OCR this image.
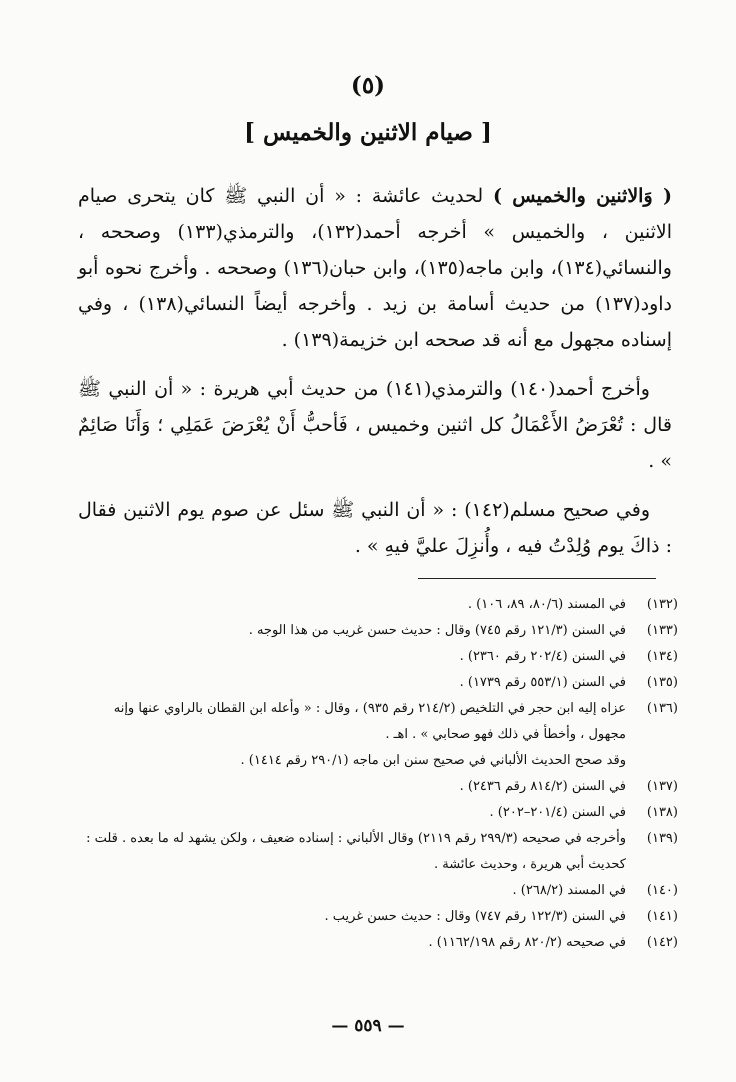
(٥)
[ صيام الاثنين والخميس ]

( وَالاثنين والخميس ) لحديث عائشة : « أن النبي ﷺ كان يتحرى صيام الاثنين ، والخميس » أخرجه أحمد(١٣٢)، والترمذي(١٣٣) وصححه ، والنسائي(١٣٤)، وابن ماجه(١٣٥)، وابن حبان(١٣٦) وصححه . وأخرج نحوه أبو داود(١٣٧) من حديث أسامة بن زيد . وأخرجه أيضاً النسائي(١٣٨) ، وفي إسناده مجهول مع أنه قد صححه ابن خزيمة(١٣٩) .

وأخرج أحمد(١٤٠) والترمذي(١٤١) من حديث أبي هريرة : « أن النبي ﷺ قال : تُعْرَضُ الأَعْمَالُ كل اثنين وخميس ، فَأحبُّ أَنْ يُعْرَضَ عَمَلِي ؛ وَأَنَا صَائِمٌ » .

وفي صحيح مسلم(١٤٢) : « أن النبي ﷺ سئل عن صوم يوم الاثنين فقال : ذاكَ يوم وُلِدْتُ فيه ، وأُنزِلَ عليَّ فيهِ » .

(١٣٢)
في المسند (٨٠/٦، ٨٩، ١٠٦) .
(١٣٣)
في السنن (١٢١/٣ رقم ٧٤٥) وقال : حديث حسن غريب من هذا الوجه .
(١٣٤)
في السنن (٢٠٢/٤ رقم ٢٣٦٠) .
(١٣٥)
في السنن (٥٥٣/١ رقم ١٧٣٩) .
(١٣٦)
عزاه إليه ابن حجر في التلخيص (٢١٤/٢ رقم ٩٣٥) ، وقال : « وأعله ابن القطان بالراوي عنها وإنه مجهول ، وأخطأ في ذلك فهو صحابي » . اهـ .
وقد صحح الحديث الألباني في صحيح سنن ابن ماجه (٢٩٠/١ رقم ١٤١٤) .
(١٣٧)
في السنن (٨١٤/٢ رقم ٢٤٣٦) .
(١٣٨)
في السنن (٢٠١/٤–٢٠٢) .
(١٣٩)
وأخرجه في صحيحه (٢٩٩/٣ رقم ٢١١٩) وقال الألباني : إسناده ضعيف ، ولكن يشهد له ما بعده . قلت : كحديث أبي هريرة ، وحديث عائشة .
(١٤٠)
في المسند (٢٦٨/٢) .
(١٤١)
في السنن (١٢٢/٣ رقم ٧٤٧) وقال : حديث حسن غريب .
(١٤٢)
في صحيحه (٨٢٠/٢ رقم ١١٦٢/١٩٨) .
— ٥٥٩ —
